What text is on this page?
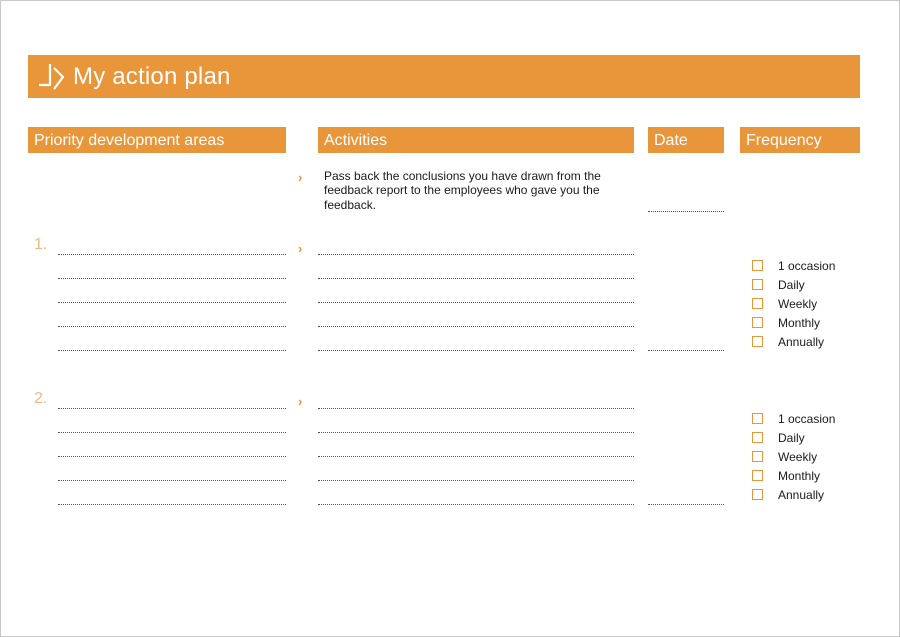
My action plan
Priority development areas	Activities	Date	Frequency
› Pass back the conclusions you have drawn from the feedback report to the employees who gave you the feedback.
1.	›
1 occasion
Daily
Weekly
Monthly
Annually
2.	›
1 occasion
Daily
Weekly
Monthly
Annually
